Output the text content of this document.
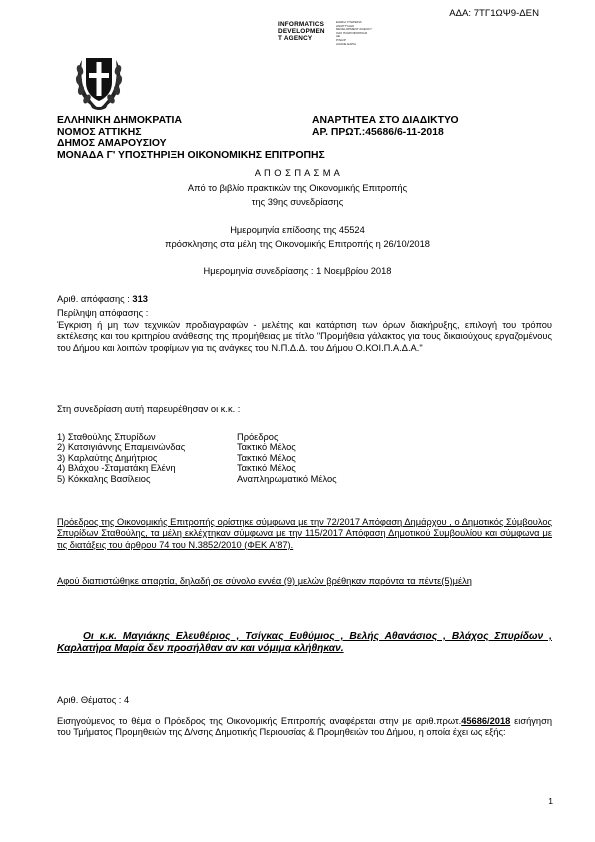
ΑΔΑ: 7ΤΓ1ΩΨ9-ΔΕΝ
INFORMATICS
DEVELOPMEN
T AGENCY
ΕΙΔΙΚΗ ΥΠΗΡΕΣΙΑ
ΑΝΑΠΤΥΞΗΣ
DEVELOPMENT AGENCY
ΟΑΣ ΠΛΗΡΟΦΟΡΙΚΗΣ
ΑΕ
Ρ/ΝΑ/Ρ
ΑΟΑΝΕ ΕΑΡΙΑ
ΕΛΛΗΝΙΚΗ ΔΗΜΟΚΡΑΤΙΑ
ΝΟΜΟΣ ΑΤΤΙΚΗΣ
ΔΗΜΟΣ ΑΜΑΡΟΥΣΙΟΥ
ΜΟΝΑΔΑ Γ' ΥΠΟΣΤΗΡΙΞΗ ΟΙΚΟΝΟΜΙΚΗΣ ΕΠΙΤΡΟΠΗΣ
ΑΝΑΡΤΗΤΕΑ ΣΤΟ ΔΙΑΔΙΚΤΥΟ
ΑΡ. ΠΡΩΤ.:45686/6-11-2018
Α Π Ο Σ Π Α Σ Μ Α
Από το βιβλίο πρακτικών της Οικονομικής Επιτροπής
της 39ης συνεδρίασης
Ημερομηνία επίδοσης της 45524
πρόσκλησης στα μέλη της Οικονομικής Επιτροπής η 26/10/2018
Ημερομηνία συνεδρίασης : 1 Νοεμβρίου 2018
Αριθ. απόφασης : 313
Περίληψη απόφασης :
Έγκριση ή μη των τεχνικών προδιαγραφών - μελέτης και κατάρτιση των όρων διακήρυξης, επιλογή του τρόπου εκτέλεσης και του κριτηρίου ανάθεσης της προμήθειας με τίτλο "Προμήθεια γάλακτος για τους δικαιούχους εργαζομένους του Δήμου και λοιπών τροφίμων για τις ανάγκες του Ν.Π.Δ.Δ. του Δήμου Ο.ΚΟΙ.Π.Α.Δ.Α."
Στη συνεδρίαση αυτή παρευρέθησαν οι κ.κ. :
1) Σταθούλης Σπυρίδων	Πρόεδρος
2) Κατσιγιάννης Επαμεινώνδας	Τακτικό Μέλος
3) Καρλαύτης Δημήτριος	Τακτικό Μέλος
4) Βλάχου -Σταματάκη Ελένη	Τακτικό Μέλος
5) Κόκκαλης Βασίλειος	Αναπληρωματικό Μέλος
Πρόεδρος της Οικονομικής Επιτροπής ορίστηκε σύμφωνα με την 72/2017 Απόφαση Δημάρχου , ο Δημοτικός Σύμβουλος Σπυρίδων Σταθούλης, τα μέλη εκλέχτηκαν σύμφωνα με την 115/2017 Απόφαση Δημοτικού Συμβουλίου και σύμφωνα με τις διατάξεις του άρθρου 74 του Ν.3852/2010 (ΦΕΚ Α'87).
Αφού διαπιστώθηκε απαρτία, δηλαδή σε σύνολο εννέα (9) μελών βρέθηκαν παρόντα τα πέντε(5)μέλη
Οι κ.κ. Μαγιάκης Ελευθέριος , Τσίγκας Ευθύμιος , Βελής Αθανάσιος , Βλάχος Σπυρίδων , Καρλατήρα Μαρία δεν προσήλθαν αν και νόμιμα κλήθηκαν.
Αριθ. Θέματος : 4
Εισηγούμενος το θέμα ο Πρόεδρος της Οικονομικής Επιτροπής αναφέρεται στην με αριθ.πρωτ.45686/2018 εισήγηση του Τμήματος Προμηθειών της Δ/νσης Δημοτικής Περιουσίας & Προμηθειών του Δήμου, η οποία έχει ως εξής:
1
